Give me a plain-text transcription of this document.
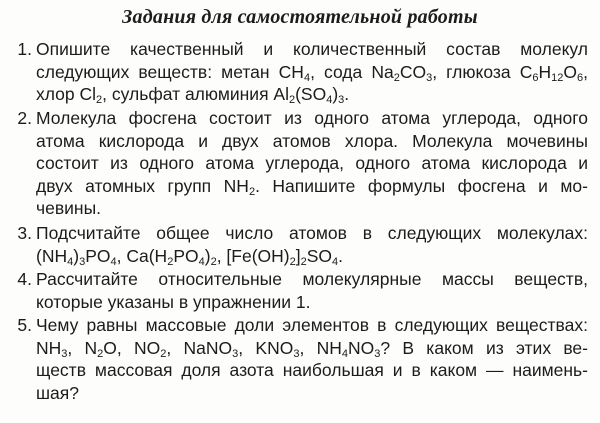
Задания для самостоятельной работы
1. Опишите качественный и количественный состав молекул
следующих веществ: метан $CH_4$, сода $Na_2CO_3$, глюкоза $C_6H_{12}O_6$,
хлор $Cl_2$, сульфат алюминия $Al_2(SO_4)_3$.
2. Молекула фосгена состоит из одного атома углерода, одного
атома кислорода и двух атомов хлора. Молекула мочевины
состоит из одного атома углерода, одного атома кислорода и
двух атомных групп $NH_2$. Напишите формулы фосгена и мо-
чевины.
3. Подсчитайте общее число атомов в следующих молекулах:
$(NH_4)_3PO_4$, $Ca(H_2PO_4)_2$, $[Fe(OH)_2]_2SO_4$.
4. Рассчитайте относительные молекулярные массы веществ,
которые указаны в упражнении 1.
5. Чему равны массовые доли элементов в следующих веществах:
$NH_3$, $N_2O$, $NO_2$, NaNO$_3$, $KNO_3$, $NH_4NO_3$? В каком из этих ве-
ществ массовая доля азота наибольшая и в каком — наимень-
шая?
